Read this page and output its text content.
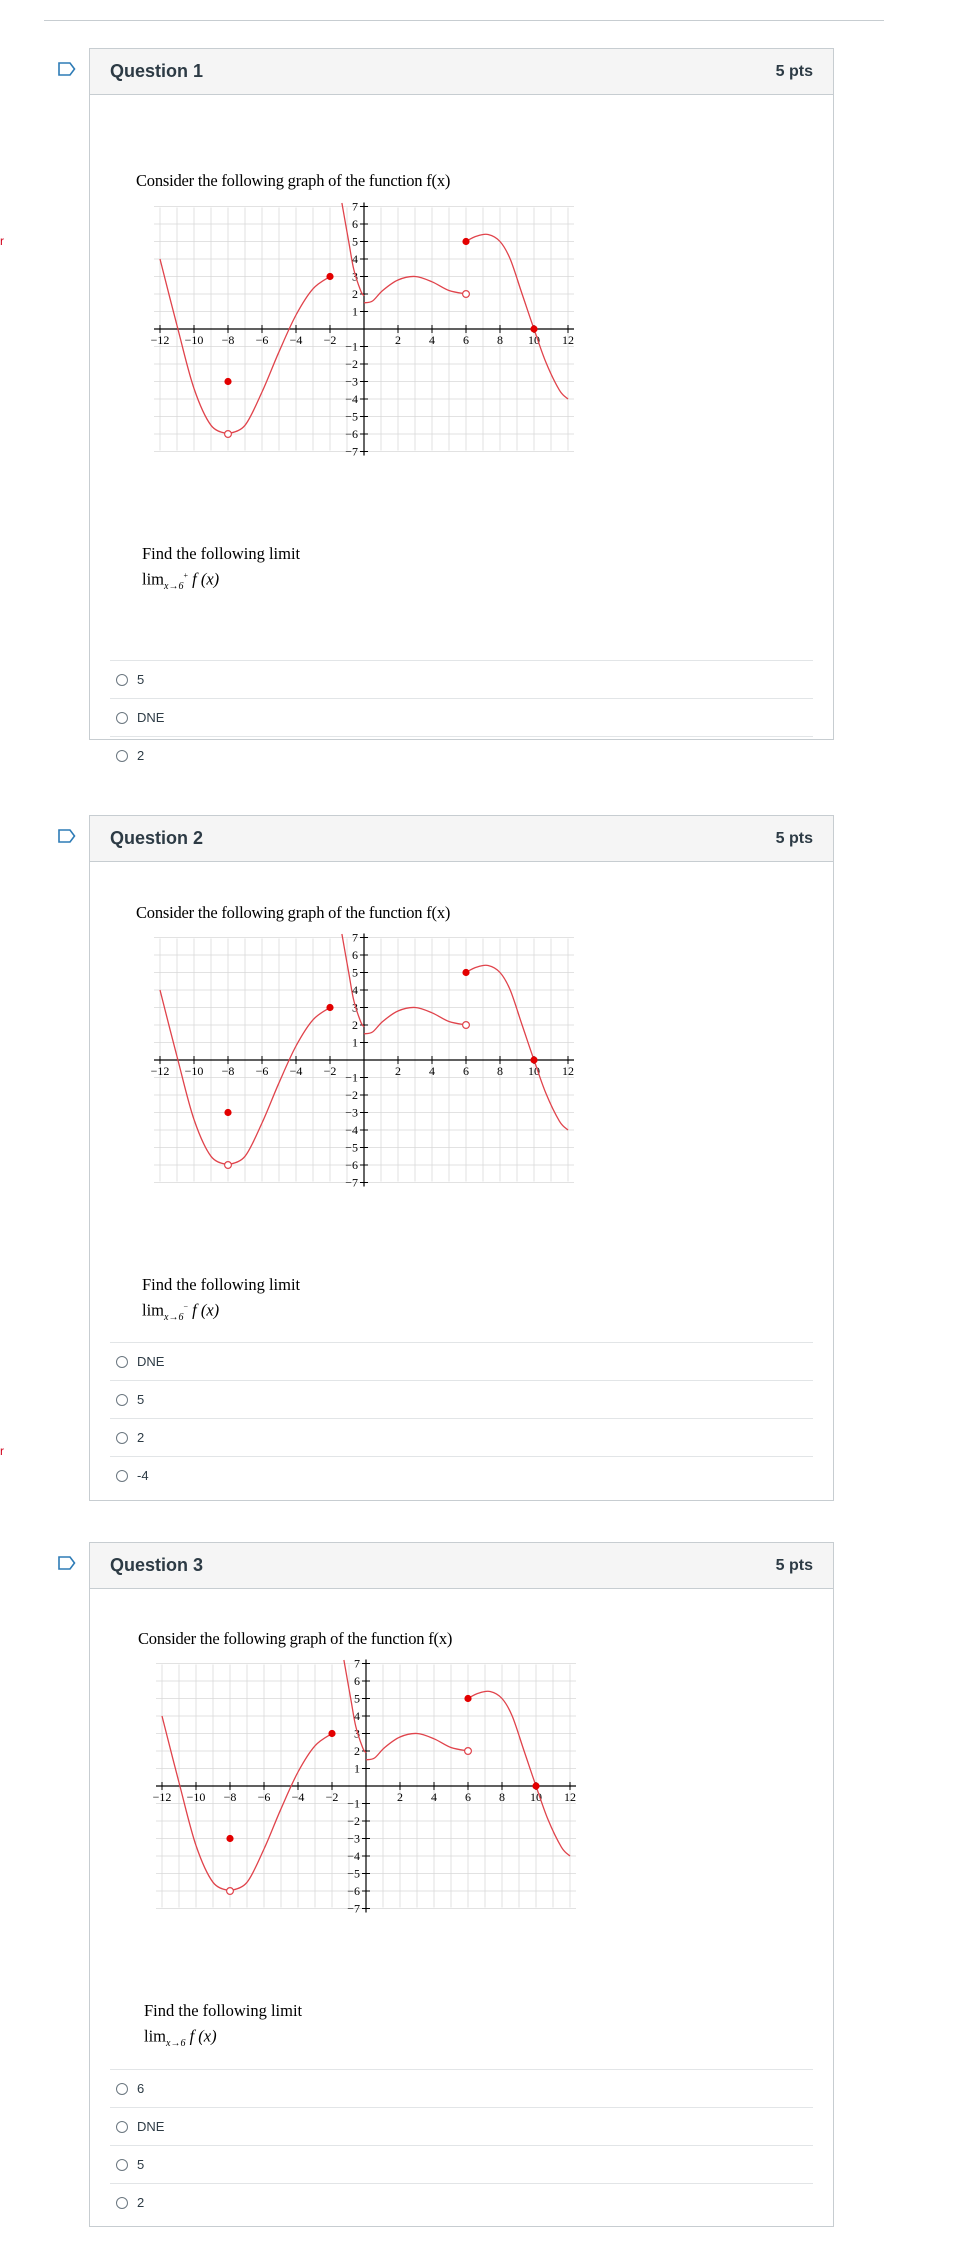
r
r
Question 1	5 pts
Consider the following graph of the function f(x)
−12 −10 −8 −6 −4 −2	2 4 6 8 10 12
7
6
5
4
3
2
1
−1
−2
−3
−4
−5
−6
−7
Find the following limit
$\lim_{x\to 6}^+ f$ (x)
5
DNE
2
Question 2	5 pts
Consider the following graph of the function f(x)
−12 −10 −8 −6 −4 −2	2 4 6 8 10 12
7
6
5
4
3
2
1
−1
−2
−3
−4
−5
−6
−7
Find the following limit
$\lim_{x\to 6}^- f$ (x)
DNE
5
2
-4
Question 3	5 pts
Consider the following graph of the function f(x)
−12 −10 −8 −6 −4 −2	2 4 6 8 10 12
7
6
5
4
3
2
1
−1
−2
−3
−4
−5
−6
−7
Find the following limit
$\lim_{x\to 6} f$ (x)
6
DNE
5
2
